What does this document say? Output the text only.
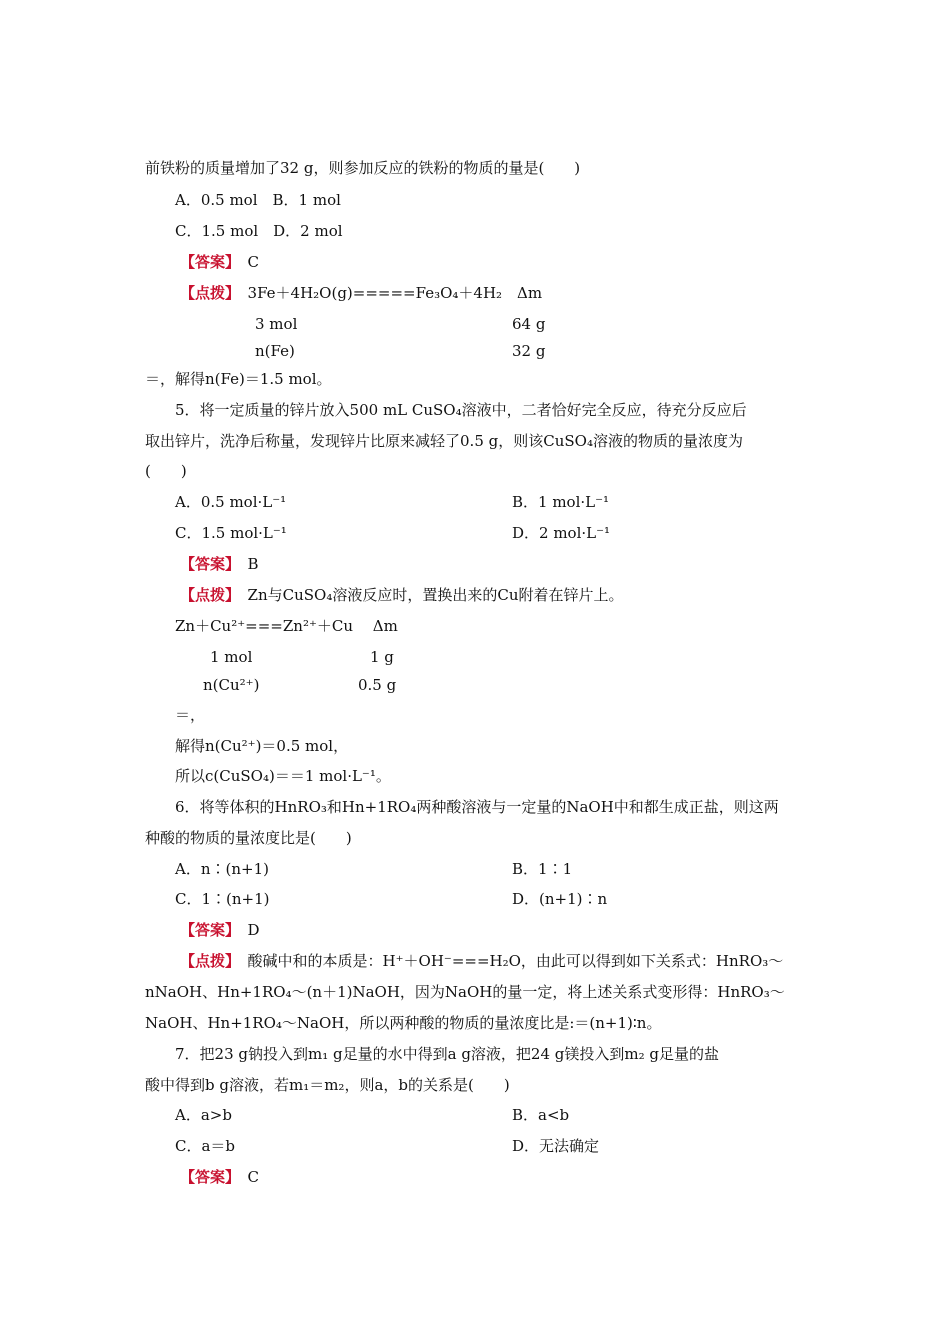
前铁粉的质量增加了32 g，则参加反应的铁粉的物质的量是(　　)
A．0.5 mol　B．1 mol
C．1.5 mol　D．2 mol
【答案】　 C
【点拨】　 3Fe＋4H₂O(g)=====Fe₃O₄＋4H₂　Δm
3 mol	64 g
n(Fe)	32 g
＝，解得n(Fe)＝1.5 mol。
5．将一定质量的锌片放入500 mL CuSO₄溶液中，二者恰好完全反应，待充分反应后
取出锌片，洗净后称量，发现锌片比原来减轻了0.5 g，则该CuSO₄溶液的物质的量浓度为
(　　)
A．0.5 mol·L⁻¹	B．1 mol·L⁻¹
C．1.5 mol·L⁻¹	D．2 mol·L⁻¹
【答案】　 B
【点拨】　 Zn与CuSO₄溶液反应时，置换出来的Cu附着在锌片上。
Zn＋Cu²⁺===Zn²⁺＋Cu　 Δm
1 mol	1 g
n(Cu²⁺)	0.5 g
＝，
解得n(Cu²⁺)＝0.5 mol，
所以c(CuSO₄)＝＝1 mol·L⁻¹。
6．将等体积的HnRO₃和Hn+1RO₄两种酸溶液与一定量的NaOH中和都生成正盐，则这两
种酸的物质的量浓度比是(　　)
A．n∶(n+1)	B．1∶1
C．1∶(n+1)	D．(n+1)∶n
【答案】　 D
【点拨】　 酸碱中和的本质是：H⁺＋OH⁻===H₂O，由此可以得到如下关系式：HnRO₃～
nNaOH、Hn+1RO₄～(n＋1)NaOH，因为NaOH的量一定，将上述关系式变形得：HnRO₃～
NaOH、Hn+1RO₄～NaOH，所以两种酸的物质的量浓度比是:＝(n+1)∶n。
7．把23 g钠投入到m₁ g足量的水中得到a g溶液，把24 g镁投入到m₂ g足量的盐
酸中得到b g溶液，若m₁＝m₂，则a，b的关系是(　　)
A．a>b	B．a<b
C．a＝b	D．无法确定
【答案】　 C
